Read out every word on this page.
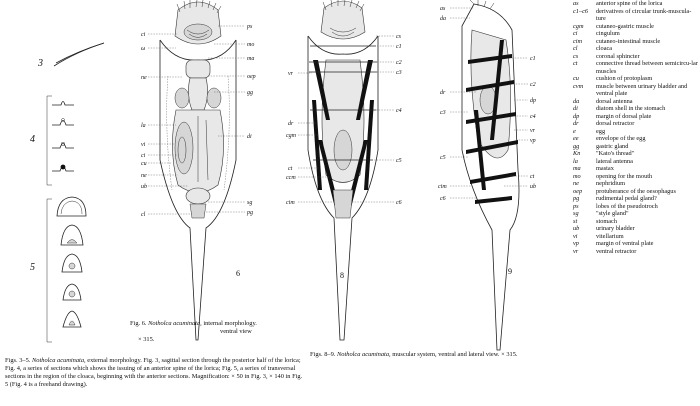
3
4
5
ci
ω
ne
la
vi
ci
cu
ne
ub
cl
ps
mo
ma
oep
gg
di
sg
pg
6
vr
dr
cgm
ct
ccm
cim
cs
c1
c2
c3
c4
c5
c6
8
as
da
dr
c3
c5
cim
c6
c1
c2
dp
c4
vr
vp
ct
ub
9
as	anterior spine of the lorica
c1–c6	derivatives of circular trunk-muscula-ture
cgm	cutaneo-gastric muscle
ci	cingulum
cim	cutaneo-intestinal muscle
cl	cloaca
cs	coronal sphincter
ct	connective thread between semicircu-lar muscles
cu	cushion of protoplasm
cvm	muscle between urinary bladder and ventral plate
da	dorsal antenna
di	diatom shell in the stomach
dp	margin of dorsal plate
dr	dorsal retractor
e	egg
ee	envelope of the egg
gg	gastric gland
Kn	"Kato's thread"
la	lateral antenna
ma	mastax
mo	opening for the mouth
ne	nephridium
oep	protuberance of the oesophagus
pg	rudimental pedal gland?
ps	lobes of the pseudotroch
sg	"style gland"
st	stomach
ub	urinary bladder
vi	vitellarium
vp	margin of ventral plate
vr	ventral retractor
Fig. 6. Notholca acuminata, internal morphology.
ventral view
× 315.
Figs. 8–9. Notholca acuminata, muscular system, ventral and lateral view. × 315.
Figs. 3–5. Notholca acuminata, external morphology. Fig. 3, sagittal section through the posterior half of the lorica; Fig. 4, a series of sections which shows the issuing of an anterior spine of the lorica; Fig. 5, a series of transversal sections in the region of the cloaca, beginning with the anterior sections. Magnification: × 50 in Fig. 3, × 140 in Fig. 5 (Fig. 4 is a freehand drawing).
